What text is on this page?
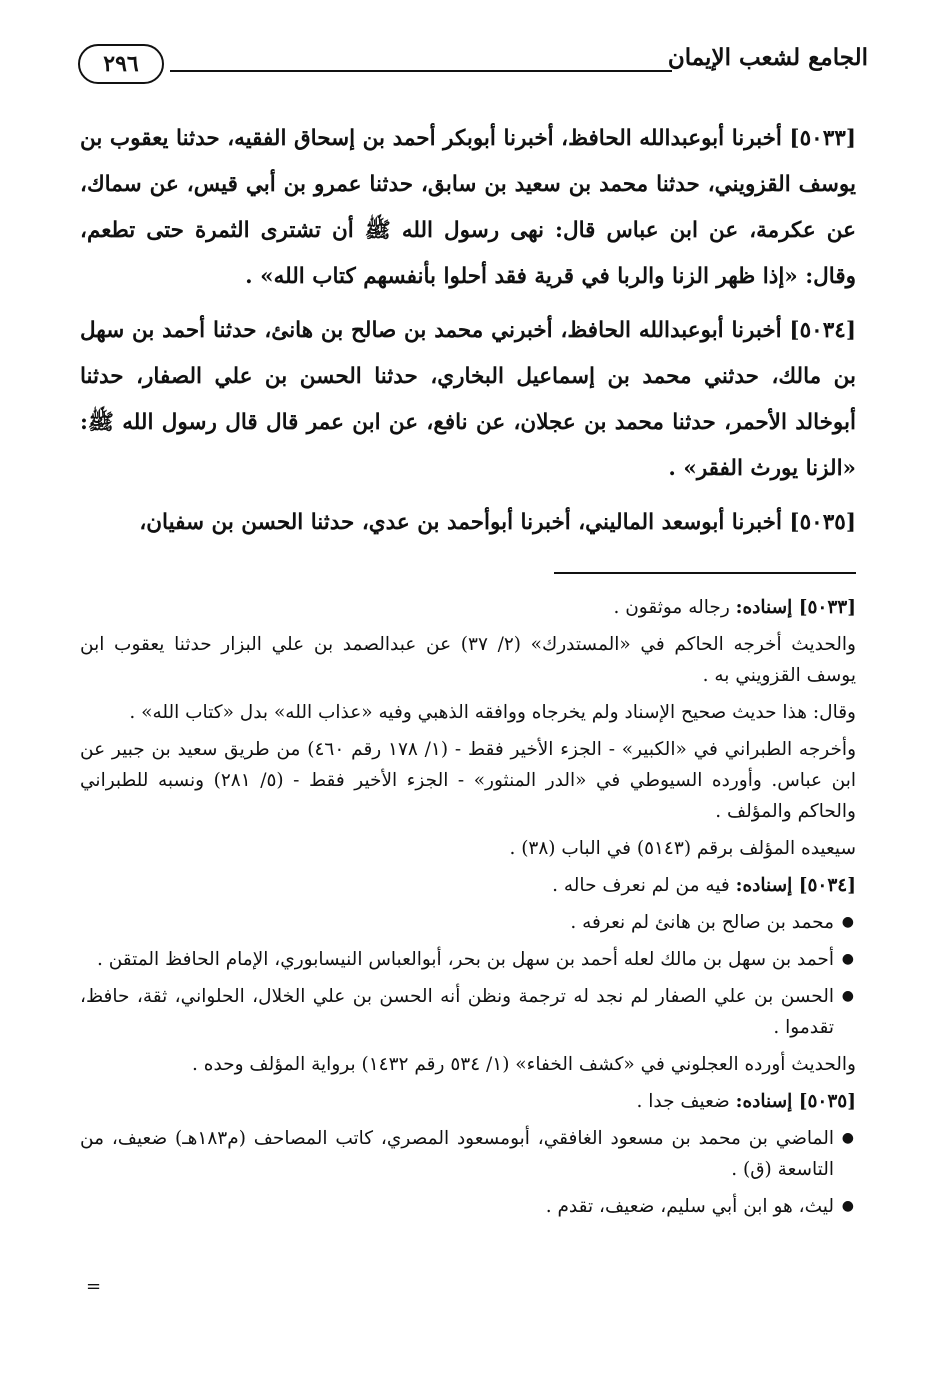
الجامع لشعب الإيمان
٢٩٦

[٥٠٣٣] أخبرنا أبوعبدالله الحافظ، أخبرنا أبوبكر أحمد بن إسحاق الفقيه، حدثنا يعقوب بن يوسف القزويني، حدثنا محمد بن سعيد بن سابق، حدثنا عمرو بن أبي قيس، عن سماك، عن عكرمة، عن ابن عباس قال: نهى رسول الله ﷺ أن تشترى الثمرة حتى تطعم، وقال: «إذا ظهر الزنا والربا في قرية فقد أحلوا بأنفسهم كتاب الله» .

[٥٠٣٤] أخبرنا أبوعبدالله الحافظ، أخبرني محمد بن صالح بن هانئ، حدثنا أحمد بن سهل بن مالك، حدثني محمد بن إسماعيل البخاري، حدثنا الحسن بن علي الصفار، حدثنا أبوخالد الأحمر، حدثنا محمد بن عجلان، عن نافع، عن ابن عمر قال قال رسول الله ﷺ: «الزنا يورث الفقر» .

[٥٠٣٥] أخبرنا أبوسعد الماليني، أخبرنا أبوأحمد بن عدي، حدثنا الحسن بن سفيان،

[٥٠٣٣] إسناده: رجاله موثقون .

والحديث أخرجه الحاكم في «المستدرك» (٢/ ٣٧) عن عبدالصمد بن علي البزار حدثنا يعقوب ابن يوسف القزويني به .

وقال: هذا حديث صحيح الإسناد ولم يخرجاه ووافقه الذهبي وفيه «عذاب الله» بدل «كتاب الله» .

وأخرجه الطبراني في «الكبير» - الجزء الأخير فقط - (١/ ١٧٨ رقم ٤٦٠) من طريق سعيد بن جبير عن ابن عباس. وأورده السيوطي في «الدر المنثور» - الجزء الأخير فقط - (٥/ ٢٨١) ونسبه للطبراني والحاكم والمؤلف .

سيعيده المؤلف برقم (٥١٤٣) في الباب (٣٨) .

[٥٠٣٤] إسناده: فيه من لم نعرف حاله .

●
محمد بن صالح بن هانئ لم نعرفه .

●
أحمد بن سهل بن مالك لعله أحمد بن سهل بن بحر، أبوالعباس النيسابوري، الإمام الحافظ المتقن .

●
الحسن بن علي الصفار لم نجد له ترجمة ونظن أنه الحسن بن علي الخلال، الحلواني، ثقة، حافظ، تقدموا .

والحديث أورده العجلوني في «كشف الخفاء» (١/ ٥٣٤ رقم ١٤٣٢) برواية المؤلف وحده .

[٥٠٣٥] إسناده: ضعيف جدا .

●
الماضي بن محمد بن مسعود الغافقي، أبومسعود المصري، كاتب المصاحف (م١٨٣هـ) ضعيف، من التاسعة (ق) .

●
ليث، هو ابن أبي سليم، ضعيف، تقدم .

=
